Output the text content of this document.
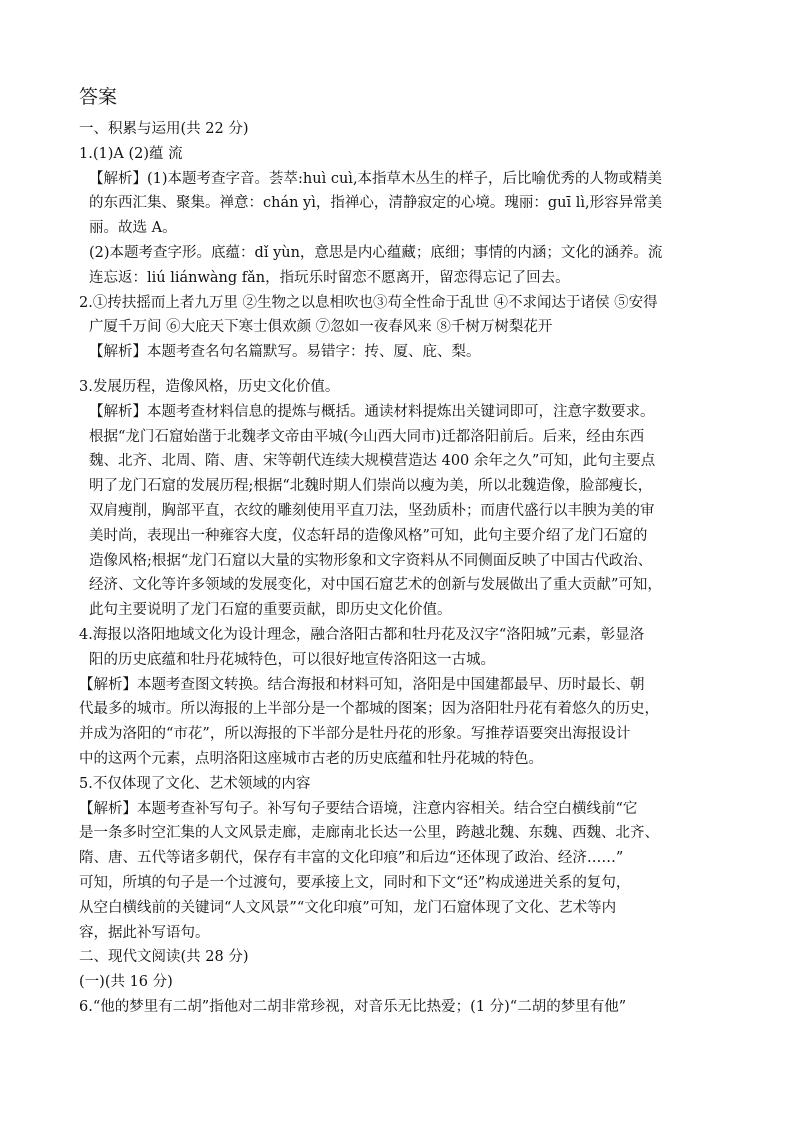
答案
一、积累与运用(共 22 分)
1.(1)A (2)蕴 流
【解析】(1)本题考查字音。荟萃:huì cuì,本指草木丛生的样子，后比喻优秀的人物或精美
的东西汇集、聚集。禅意：chán yì，指禅心，清静寂定的心境。瑰丽：guī lì,形容异常美
丽。故选 A。
(2)本题考查字形。底蕴：dǐ yùn，意思是内心蕴藏；底细；事情的内涵；文化的涵养。流
连忘返：liú liánwàng fǎn，指玩乐时留恋不愿离开，留恋得忘记了回去。
2.①抟扶摇而上者九万里 ②生物之以息相吹也③苟全性命于乱世 ④不求闻达于诸侯 ⑤安得
广厦千万间 ⑥大庇天下寒士俱欢颜 ⑦忽如一夜春风来 ⑧千树万树梨花开
【解析】本题考查名句名篇默写。易错字：抟、厦、庇、梨。
3.发展历程，造像风格，历史文化价值。
【解析】本题考查材料信息的提炼与概括。通读材料提炼出关键词即可，注意字数要求。
根据“龙门石窟始凿于北魏孝文帝由平城(今山西大同市)迁都洛阳前后。后来，经由东西
魏、北齐、北周、隋、唐、宋等朝代连续大规模营造达 400 余年之久”可知，此句主要点
明了龙门石窟的发展历程;根据“北魏时期人们崇尚以瘦为美，所以北魏造像，脸部瘦长，
双肩瘦削，胸部平直，衣纹的雕刻使用平直刀法，坚劲质朴；而唐代盛行以丰腴为美的审
美时尚，表现出一种雍容大度，仪态轩昂的造像风格”可知，此句主要介绍了龙门石窟的
造像风格;根据“龙门石窟以大量的实物形象和文字资料从不同侧面反映了中国古代政治、
经济、文化等许多领域的发展变化，对中国石窟艺术的创新与发展做出了重大贡献”可知，
此句主要说明了龙门石窟的重要贡献，即历史文化价值。
4.海报以洛阳地域文化为设计理念，融合洛阳古都和牡丹花及汉字“洛阳城”元素，彰显洛
阳的历史底蕴和牡丹花城特色，可以很好地宣传洛阳这一古城。
【解析】本题考查图文转换。结合海报和材料可知，洛阳是中国建都最早、历时最长、朝
代最多的城市。所以海报的上半部分是一个都城的图案；因为洛阳牡丹花有着悠久的历史，
并成为洛阳的“市花”，所以海报的下半部分是牡丹花的形象。写推荐语要突出海报设计
中的这两个元素，点明洛阳这座城市古老的历史底蕴和牡丹花城的特色。
5.不仅体现了文化、艺术领域的内容
【解析】本题考查补写句子。补写句子要结合语境，注意内容相关。结合空白横线前“它
是一条多时空汇集的人文风景走廊，走廊南北长达一公里，跨越北魏、东魏、西魏、北齐、
隋、唐、五代等诸多朝代，保存有丰富的文化印痕”和后边“还体现了政治、经济……”
可知，所填的句子是一个过渡句，要承接上文，同时和下文“还”构成递进关系的复句，
从空白横线前的关键词“人文风景”“文化印痕”可知，龙门石窟体现了文化、艺术等内
容，据此补写语句。
二、现代文阅读(共 28 分)
(一)(共 16 分)
6.“他的梦里有二胡”指他对二胡非常珍视，对音乐无比热爱；(1 分)“二胡的梦里有他”
